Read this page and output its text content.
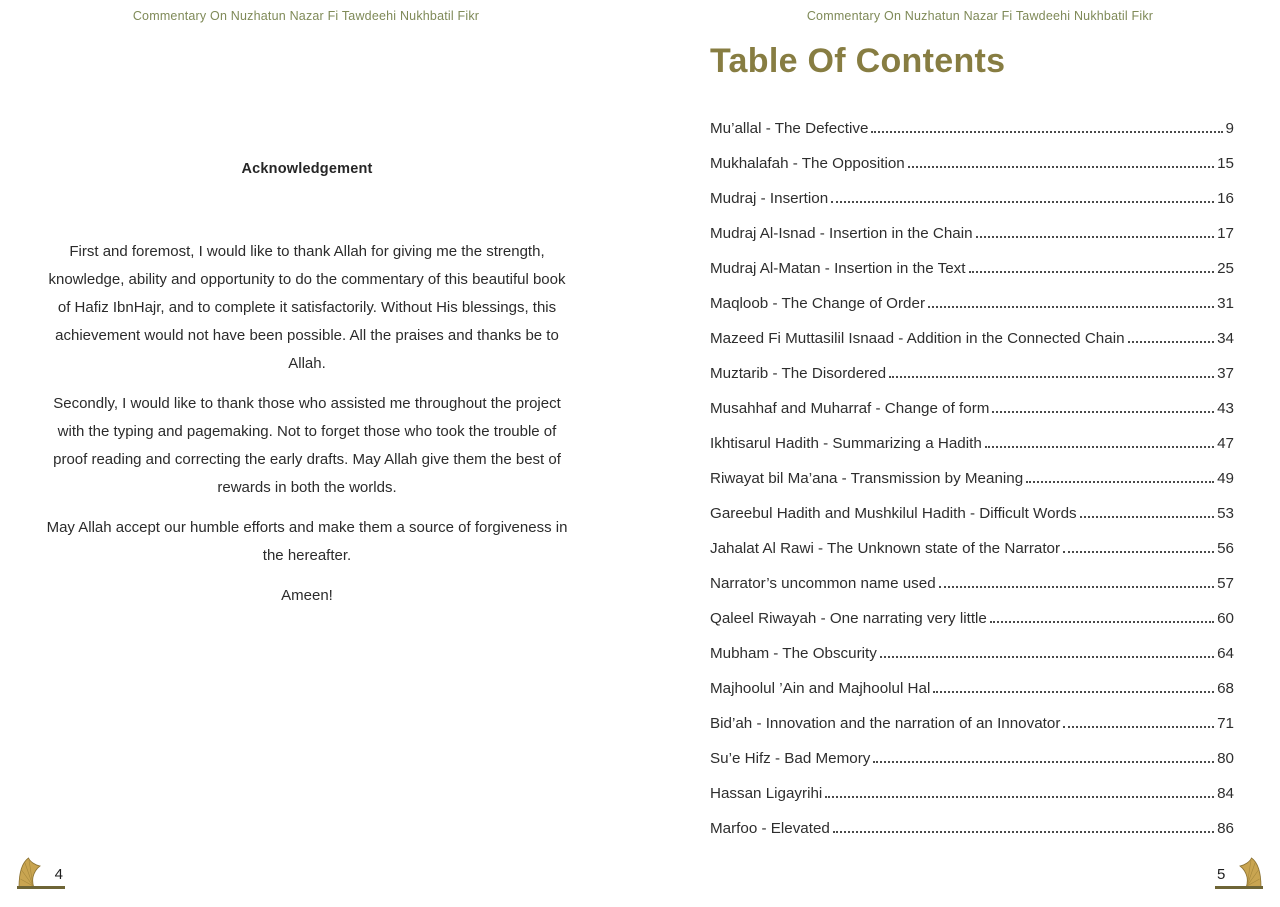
Commentary On Nuzhatun Nazar Fi Tawdeehi Nukhbatil Fikr	Commentary On Nuzhatun Nazar Fi Tawdeehi Nukhbatil Fikr
Acknowledgement

First and foremost, I would like to thank Allah for giving me the strength, knowledge, ability and opportunity to do the commentary of this beautiful book of Hafiz IbnHajr, and to complete it satisfactorily. Without His blessings, this achievement would not have been possible. All the praises and thanks be to Allah.

Secondly, I would like to thank those who assisted me throughout the project with the typing and pagemaking. Not to forget those who took the trouble of proof reading and correcting the early drafts. May Allah give them the best of rewards in both the worlds.

May Allah accept our humble efforts and make them a source of forgiveness in the hereafter.

Ameen!

Table Of Contents
Mu’allal - The Defective	9
Mukhalafah - The Opposition	15
Mudraj - Insertion	16
Mudraj Al-Isnad - Insertion in the Chain	17
Mudraj Al-Matan - Insertion in the Text	25
Maqloob - The Change of Order	31
Mazeed Fi Muttasilil Isnaad - Addition in the Connected Chain	34
Muztarib - The Disordered	37
Musahhaf and Muharraf - Change of form	43
Ikhtisarul Hadith - Summarizing a Hadith	47
Riwayat bil Ma’ana - Transmission by Meaning	49
Gareebul Hadith and Mushkilul Hadith - Difficult Words	53
Jahalat Al Rawi - The Unknown state of the Narrator	56
Narrator’s uncommon name used	57
Qaleel Riwayah - One narrating very little	60
Mubham - The Obscurity	64
Majhoolul ’Ain and Majhoolul Hal	68
Bid’ah - Innovation and the narration of an Innovator	71
Su’e Hifz - Bad Memory	80
Hassan Ligayrihi	84
Marfoo - Elevated	86
4	5
